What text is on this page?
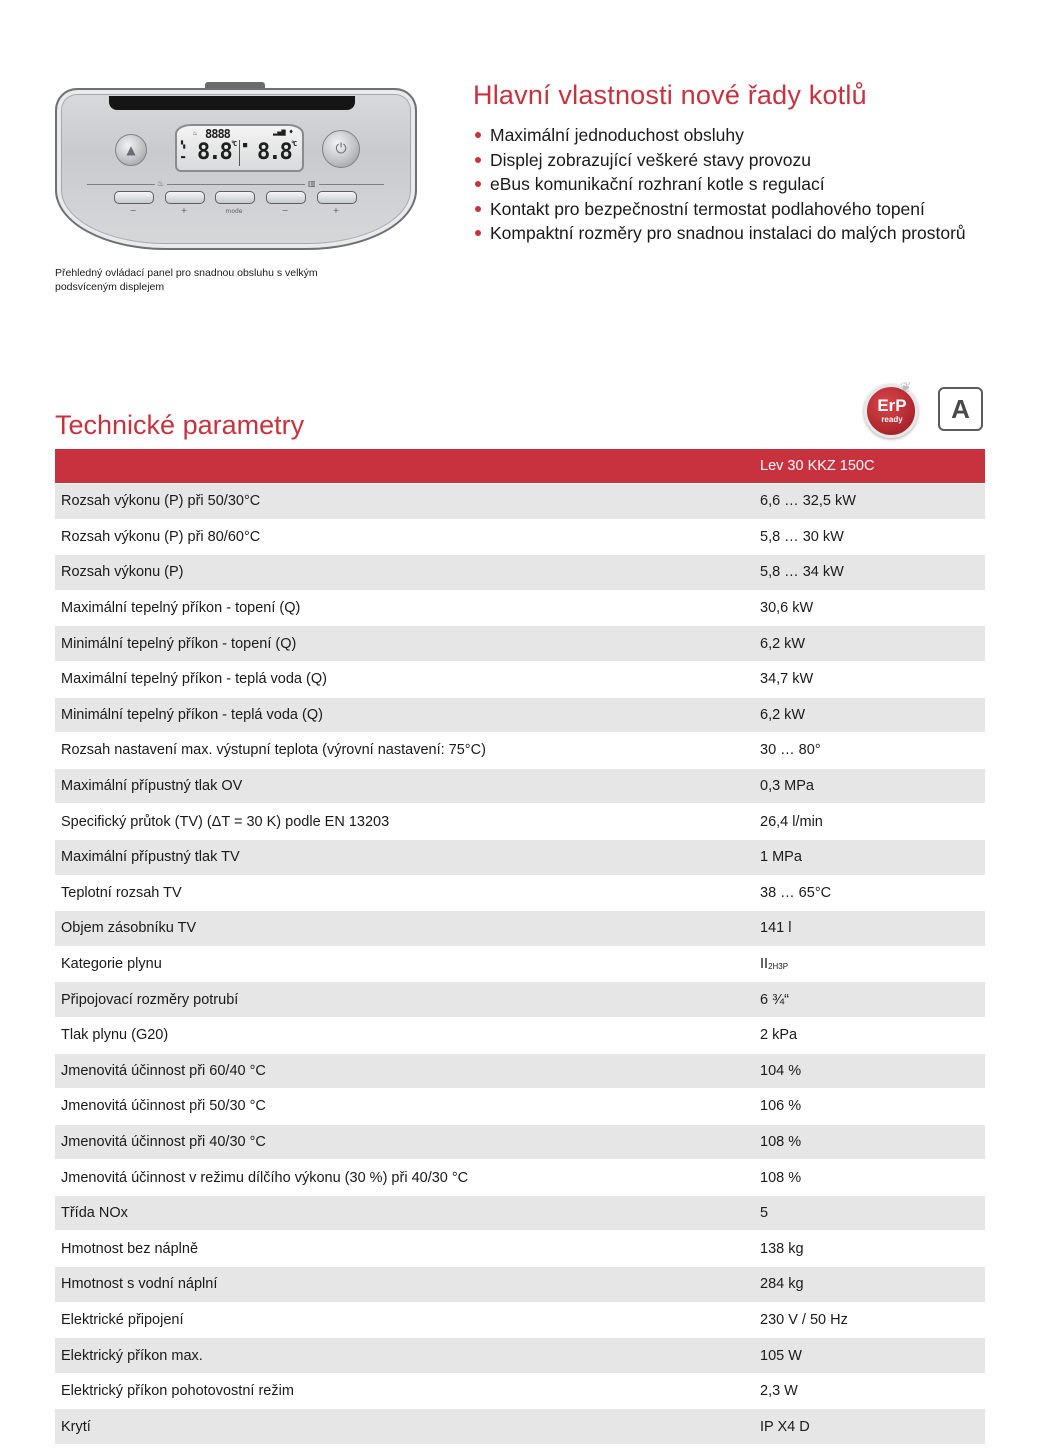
▲
♨ 8888	▂▄▆ ♦
▚
▬ $8.8^{^\circ C}$ ■ $8.8^{^\circ C}$	⏻
♨	▥
−	+	mode	−	+
Přehledný ovládací panel pro snadnou obsluhu s velkým podsvíceným displejem
Hlavní vlastnosti nové řady kotlů
Maximální jednoduchost obsluhy
Displej zobrazující veškeré stavy provozu
eBus komunikační rozhraní kotle s regulací
Kontakt pro bezpečnostní termostat podlahového topení
Kompaktní rozměry pro snadnou instalaci do malých prostorů
❦
ErP
ready	A
Technické parametry
	Lev 30 KKZ 150C
Rozsah výkonu (P) při 50/30°C	6,6 … 32,5 kW
Rozsah výkonu (P) při 80/60°C	5,8 … 30 kW
Rozsah výkonu (P)	5,8 … 34 kW
Maximální tepelný příkon - topení (Q)	30,6 kW
Minimální tepelný příkon - topení (Q)	6,2 kW
Maximální tepelný příkon - teplá voda (Q)	34,7 kW
Minimální tepelný příkon - teplá voda (Q)	6,2 kW
Rozsah nastavení max. výstupní teplota (výrovní nastavení: 75°C)	30 … 80°
Maximální přípustný tlak OV	0,3 MPa
Specifický průtok (TV) (ΔT = 30 K) podle EN 13203	26,4 l/min
Maximální přípustný tlak TV	1 MPa
Teplotní rozsah TV	38 … 65°C
Objem zásobníku TV	141 l
Kategorie plynu	$II_{2H3P}$
Připojovací rozměry potrubí	6 ¾“
Tlak plynu (G20)	2 kPa
Jmenovitá účinnost při 60/40 °C	104 %
Jmenovitá účinnost při 50/30 °C	106 %
Jmenovitá účinnost při 40/30 °C	108 %
Jmenovitá účinnost v režimu dílčího výkonu (30 %) při 40/30 °C	108 %
Třída NOx	5
Hmotnost bez náplně	138 kg
Hmotnost s vodní náplní	284 kg
Elektrické připojení	230 V / 50 Hz
Elektrický příkon max.	105 W
Elektrický příkon pohotovostní režim	2,3 W
Krytí	IP X4 D
